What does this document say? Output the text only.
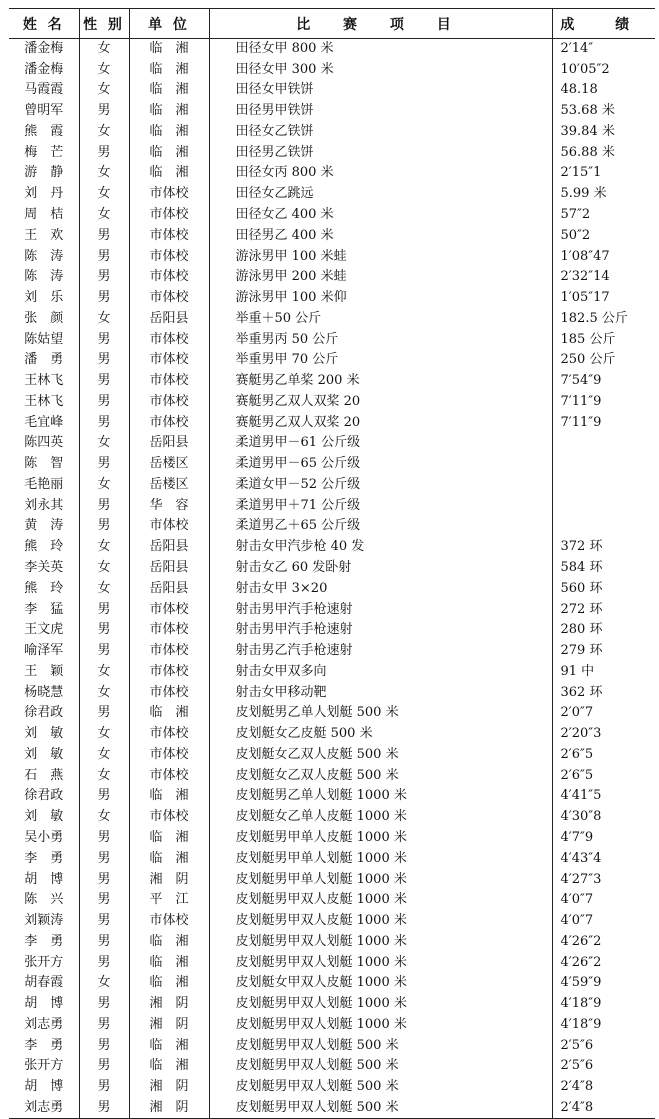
姓 名	性 别	单 位	比 赛 项 目	成 绩
潘金梅	女	临　湘	田径女甲 800 米	2′14″
潘金梅	女	临　湘	田径女甲 300 米	10′05″2
马霞霞	女	临　湘	田径女甲铁饼	48.18
曾明军	男	临　湘	田径男甲铁饼	53.68 米
熊　霞	女	临　湘	田径女乙铁饼	39.84 米
梅　芒	男	临　湘	田径男乙铁饼	56.88 米
游　静	女	临　湘	田径女丙 800 米	2′15″1
刘　丹	女	市体校	田径女乙跳远	5.99 米
周　桔	女	市体校	田径女乙 400 米	57″2
王　欢	男	市体校	田径男乙 400 米	50″2
陈　涛	男	市体校	游泳男甲 100 米蛙	1′08″47
陈　涛	男	市体校	游泳男甲 200 米蛙	2′32″14
刘　乐	男	市体校	游泳男甲 100 米仰	1′05″17
张　颜	女	岳阳县	举重＋50 公斤	182.5 公斤
陈姑望	男	市体校	举重男丙 50 公斤	185 公斤
潘　勇	男	市体校	举重男甲 70 公斤	250 公斤
王林飞	男	市体校	赛艇男乙单桨 200 米	7′54″9
王林飞	男	市体校	赛艇男乙双人双桨 20	7′11″9
毛宜峰	男	市体校	赛艇男乙双人双桨 20	7′11″9
陈四英	女	岳阳县	柔道男甲－61 公斤级	
陈　智	男	岳楼区	柔道男甲－65 公斤级	
毛艳丽	女	岳楼区	柔道女甲－52 公斤级	
刘永其	男	华　容	柔道男甲＋71 公斤级	
黄　涛	男	市体校	柔道男乙＋65 公斤级	
熊　玲	女	岳阳县	射击女甲汽步枪 40 发	372 环
李关英	女	岳阳县	射击女乙 60 发卧射	584 环
熊　玲	女	岳阳县	射击女甲 3×20	560 环
李　猛	男	市体校	射击男甲汽手枪速射	272 环
王文虎	男	市体校	射击男甲汽手枪速射	280 环
喻泽军	男	市体校	射击男乙汽手枪速射	279 环
王　颖	女	市体校	射击女甲双多向	91 中
杨晓慧	女	市体校	射击女甲移动靶	362 环
徐君政	男	临　湘	皮划艇男乙单人划艇 500 米	2′0″7
刘　敏	女	市体校	皮划艇女乙皮艇 500 米	2′20″3
刘　敏	女	市体校	皮划艇女乙双人皮艇 500 米	2′6″5
石　燕	女	市体校	皮划艇女乙双人皮艇 500 米	2′6″5
徐君政	男	临　湘	皮划艇男乙单人划艇 1000 米	4′41″5
刘　敏	女	市体校	皮划艇女乙单人皮艇 1000 米	4′30″8
吴小勇	男	临　湘	皮划艇男甲单人皮艇 1000 米	4′7″9
李　勇	男	临　湘	皮划艇男甲单人划艇 1000 米	4′43″4
胡　博	男	湘　阴	皮划艇男甲单人划艇 1000 米	4′27″3
陈　兴	男	平　江	皮划艇男甲双人皮艇 1000 米	4′0″7
刘颖涛	男	市体校	皮划艇男甲双人皮艇 1000 米	4′0″7
李　勇	男	临　湘	皮划艇男甲双人划艇 1000 米	4′26″2
张开方	男	临　湘	皮划艇男甲双人划艇 1000 米	4′26″2
胡春霞	女	临　湘	皮划艇女甲双人皮艇 1000 米	4′59″9
胡　博	男	湘　阴	皮划艇男甲双人划艇 1000 米	4′18″9
刘志勇	男	湘　阴	皮划艇男甲双人划艇 1000 米	4′18″9
李　勇	男	临　湘	皮划艇男甲双人划艇 500 米	2′5″6
张开方	男	临　湘	皮划艇男甲双人划艇 500 米	2′5″6
胡　博	男	湘　阴	皮划艇男甲双人划艇 500 米	2′4″8
刘志勇	男	湘　阴	皮划艇男甲双人划艇 500 米	2′4″8
